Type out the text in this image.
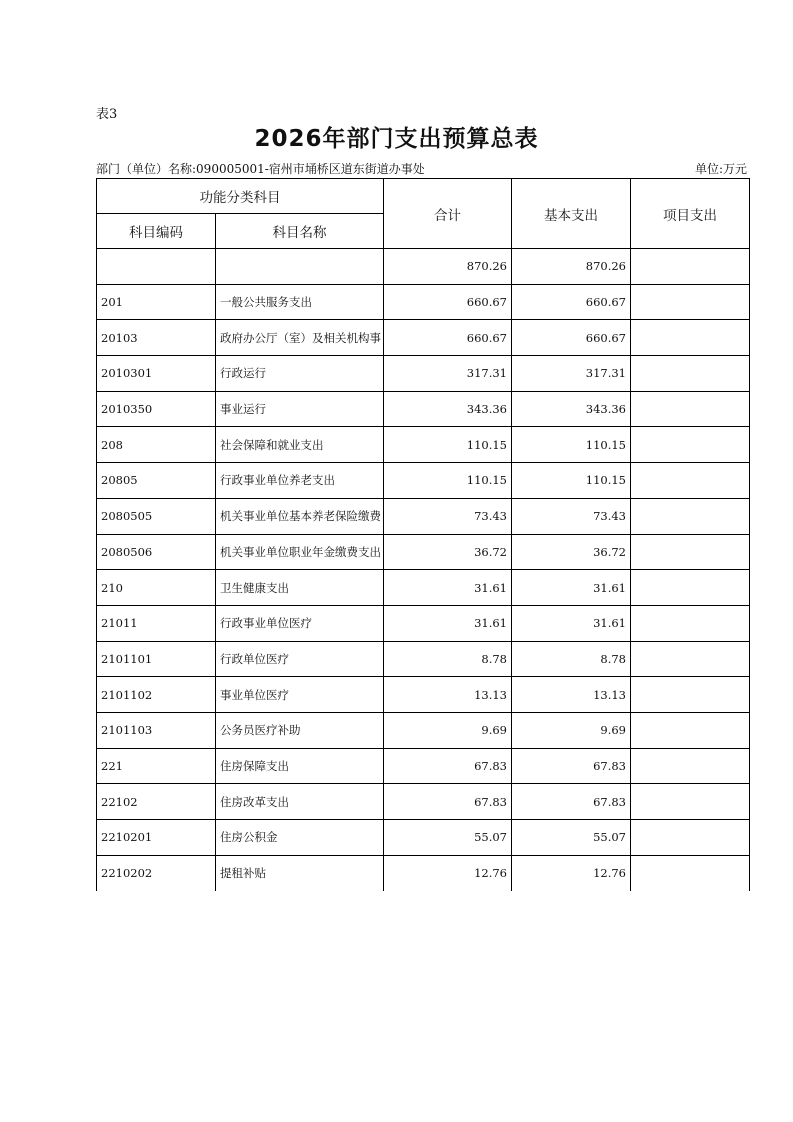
表3
2026年部门支出预算总表
部门（单位）名称:090005001-宿州市埇桥区道东街道办事处	单位:万元
功能分类科目		合计	基本支出	项目支出
科目编码	科目名称			
		870.26	870.26	
201	一般公共服务支出	660.67	660.67	
20103	政府办公厅（室）及相关机构事	660.67	660.67	
2010301	行政运行	317.31	317.31	
2010350	事业运行	343.36	343.36	
208	社会保障和就业支出	110.15	110.15	
20805	行政事业单位养老支出	110.15	110.15	
2080505	机关事业单位基本养老保险缴费	73.43	73.43	
2080506	机关事业单位职业年金缴费支出	36.72	36.72	
210	卫生健康支出	31.61	31.61	
21011	行政事业单位医疗	31.61	31.61	
2101101	行政单位医疗	8.78	8.78	
2101102	事业单位医疗	13.13	13.13	
2101103	公务员医疗补助	9.69	9.69	
221	住房保障支出	67.83	67.83	
22102	住房改革支出	67.83	67.83	
2210201	住房公积金	55.07	55.07	
2210202	提租补贴	12.76	12.76	
